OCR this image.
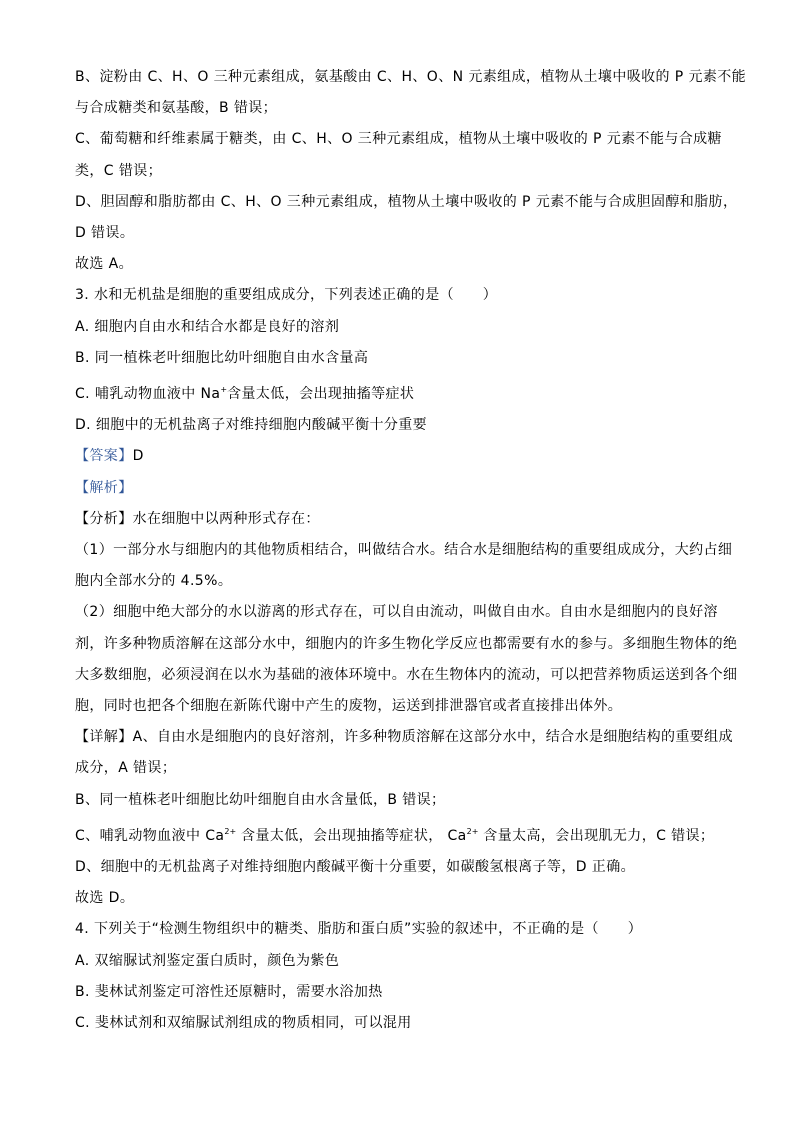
B、淀粉由 C、H、O 三种元素组成，氨基酸由 C、H、O、N 元素组成，植物从土壤中吸收的 P 元素不能
与合成糖类和氨基酸，B 错误；
C、葡萄糖和纤维素属于糖类，由 C、H、O 三种元素组成，植物从土壤中吸收的 P 元素不能与合成糖
类，C 错误；
D、胆固醇和脂肪都由 C、H、O 三种元素组成，植物从土壤中吸收的 P 元素不能与合成胆固醇和脂肪，
D 错误。
故选 A。
3. 水和无机盐是细胞的重要组成成分，下列表述正确的是（　　）
A. 细胞内自由水和结合水都是良好的溶剂
B. 同一植株老叶细胞比幼叶细胞自由水含量高
C. 哺乳动物血液中 Na+含量太低，会出现抽搐等症状
D. 细胞中的无机盐离子对维持细胞内酸碱平衡十分重要
【答案】D
【解析】
【分析】水在细胞中以两种形式存在：
（1）一部分水与细胞内的其他物质相结合，叫做结合水。结合水是细胞结构的重要组成成分，大约占细
胞内全部水分的 4.5%。
（2）细胞中绝大部分的水以游离的形式存在，可以自由流动，叫做自由水。自由水是细胞内的良好溶
剂，许多种物质溶解在这部分水中，细胞内的许多生物化学反应也都需要有水的参与。多细胞生物体的绝
大多数细胞，必须浸润在以水为基础的液体环境中。水在生物体内的流动，可以把营养物质运送到各个细
胞，同时也把各个细胞在新陈代谢中产生的废物，运送到排泄器官或者直接排出体外。
【详解】A、自由水是细胞内的良好溶剂，许多种物质溶解在这部分水中，结合水是细胞结构的重要组成
成分，A 错误；
B、同一植株老叶细胞比幼叶细胞自由水含量低，B 错误；
C、哺乳动物血液中 $Ca^{2+}$ 含量太低，会出现抽搐等症状， $Ca^{2+}$ 含量太高，会出现肌无力，C 错误；
D、细胞中的无机盐离子对维持细胞内酸碱平衡十分重要，如碳酸氢根离子等，D 正确。
故选 D。
4. 下列关于“检测生物组织中的糖类、脂肪和蛋白质”实验的叙述中，不正确的是（　　）
A. 双缩脲试剂鉴定蛋白质时，颜色为紫色
B. 斐林试剂鉴定可溶性还原糖时，需要水浴加热
C. 斐林试剂和双缩脲试剂组成的物质相同，可以混用
